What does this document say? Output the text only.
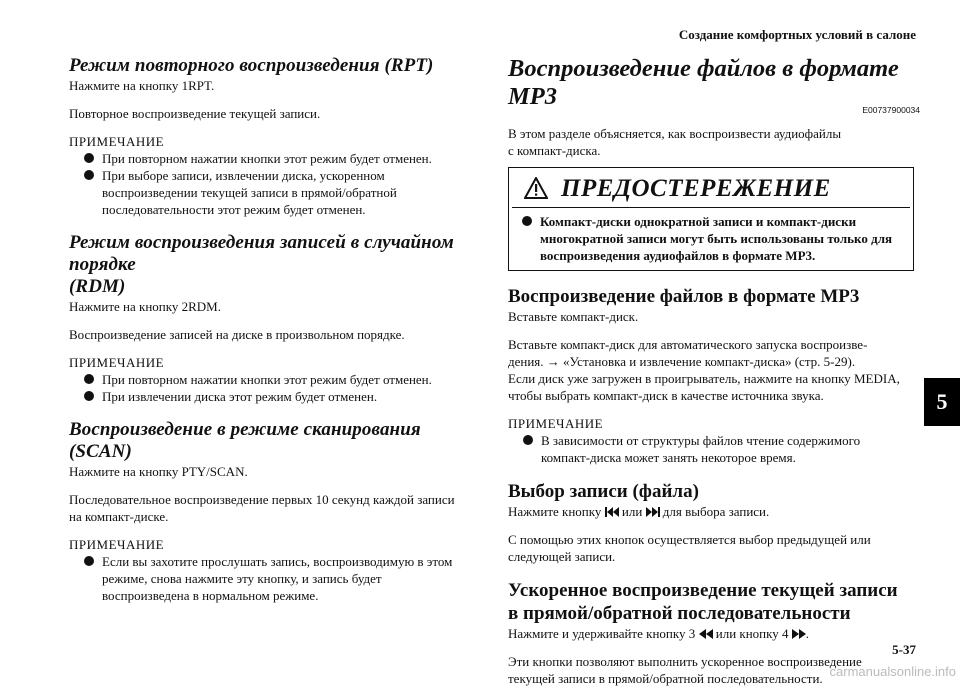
Создание комфортных условий в салоне
Режим повторного воспроизведения (RPT)

Нажмите на кнопку 1RPT.

Повторное воспроизведение текущей записи.

ПРИМЕЧАНИЕ
При повторном нажатии кнопки этот режим будет отменен.
При выборе записи, извлечении диска, ускоренном
воспроизведении текущей записи в прямой/обратной
последовательности этот режим будет отменен.
Режим воспроизведения записей в случайном порядке
(RDM)

Нажмите на кнопку 2RDM.

Воспроизведение записей на диске в произвольном порядке.

ПРИМЕЧАНИЕ
При повторном нажатии кнопки этот режим будет отменен.
При извлечении диска этот режим будет отменен.
Воспроизведение в режиме сканирования (SCAN)

Нажмите на кнопку PTY/SCAN.

Последовательное воспроизведение первых 10 секунд каждой записи
на компакт-диске.

ПРИМЕЧАНИЕ
Если вы захотите прослушать запись, воспроизводимую в этом
режиме, снова нажмите эту кнопку, и запись будет
воспроизведена в нормальном режиме.
Воспроизведение файлов в формате MP3	E00737900034

В этом разделе объясняется, как воспроизвести аудиофайлы
с компакт-диска.

ПРЕДОСТЕРЕЖЕНИЕ
Компакт-диски однократной записи и компакт-диски
многократной записи могут быть использованы только для
воспроизведения аудиофайлов в формате MP3.
Воспроизведение файлов в формате MP3

Вставьте компакт-диск.

Вставьте компакт-диск для автоматического запуска воспроизве-
дения. → «Установка и извлечение компакт-диска» (стр. 5-29).
Если диск уже загружен в проигрыватель, нажмите на кнопку MEDIA,
чтобы выбрать компакт-диск в качестве источника звука.

ПРИМЕЧАНИЕ
В зависимости от структуры файлов чтение содержимого
компакт-диска может занять некоторое время.
Выбор записи (файла)

Нажмите кнопку или для выбора записи.

С помощью этих кнопок осуществляется выбор предыдущей или
следующей записи.

Ускоренное воспроизведение текущей записи
в прямой/обратной последовательности

Нажмите и удерживайте кнопку 3 или кнопку 4 .

Эти кнопки позволяют выполнить ускоренное воспроизведение
текущей записи в прямой/обратной последовательности.

5
5-37
carmanualsonline.info
